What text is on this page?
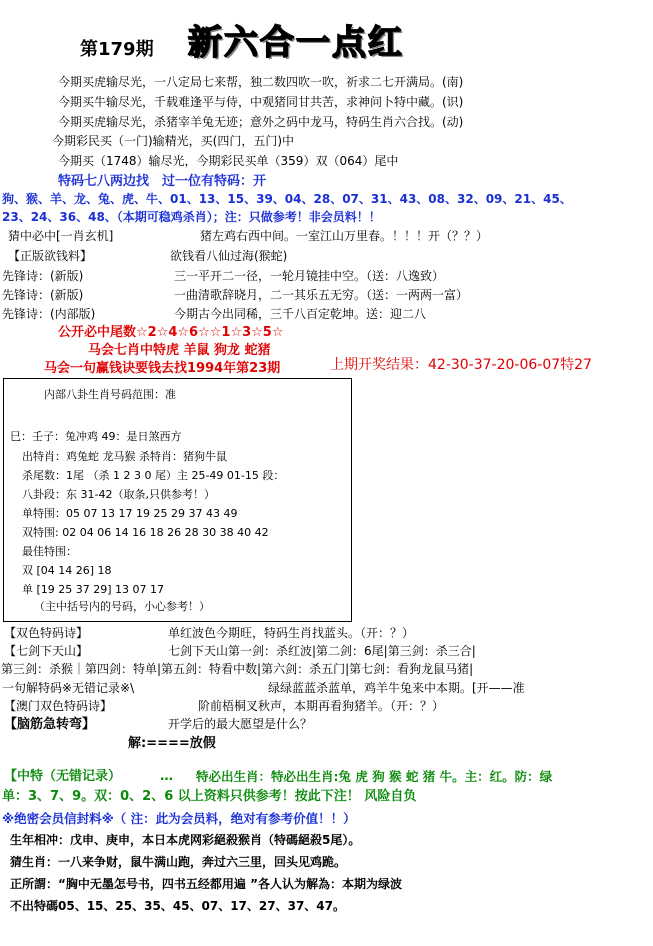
第179期 新六合一点红
今期买虎输尽光，一八定局七来帮，独二数四吹一吹，祈求二七开满局。(南)
今期买牛输尽光，千载难逢平与侍，中观猪同甘共苦，求神问卜特中藏。(识)
今期买虎输尽光，杀猪宰羊兔无迹；意外之码中龙马，特码生肖六合找。(动)
今期彩民买（一门)输精光，买(四门，五门)中
今期买（1748）输尽光，今期彩民买单（359）双（064）尾中
特码七八两边找　过一位有特码：开
狗、猴、羊、龙、兔、虎、牛、01、13、15、39、04、28、07、31、43、08、32、09、21、45、
23、24、36、48、（本期可稳鸡杀肖）；注：只做参考！非会员料！！
猜中必中[一肖玄机]	猪左鸡右西中间。一室江山万里春。！！！开（？？）
【正版欲钱料】	欲钱看八仙过海(猴蛇)
先锋诗：(新版)	三一平开二一径，一轮月镜挂中空。（送：八逸致）
先锋诗：(新版)	一曲清歌辞晓月，二一其乐五无穷。（送：一两两一富）
先锋诗：(内部版)	今期古今出同稀，三千八百定乾坤。送：迎二八
公开必中尾数☆2☆4☆6☆☆1☆3☆5☆
马会七肖中特虎 羊鼠 狗龙 蛇猪
马会一句赢钱诀要钱去找1994年第23期	上期开奖结果：42-30-37-20-06-07特27
内部八卦生肖号码范围：准
巳：壬子：兔冲鸡 49：是日煞西方
出特肖：鸡兔蛇 龙马猴 杀特肖：猪狗牛鼠
杀尾数：1尾 （杀 1 2 3 0 尾）主 25-49 01-15 段：
八卦段：东 31-42（取条,只供参考！）
单特围：05 07 13 17 19 25 29 37 43 49
双特围: 02 04 06 14 16 18 26 28 30 38 40 42
最佳特围：
双 [04 14 26] 18
单 [19 25 37 29] 13 07 17
（主中括号内的号码，小心参考！）
【双色特码诗】	单红波色今期旺，特码生肖找蓝头。（开：？）
【七剑下天山】	七剑下天山第一剑：杀红波|第二剑：6尾|第三剑：杀三合|
第三剑：杀猴｜第四剑：特单|第五剑：特看中数|第六剑：杀五门|第七剑：看狗龙鼠马猪|
一句解特码※无错记录※\	绿绿蓝蓝杀蓝单，鸡羊牛兔来中本期。[开——准
【澳门双色特码诗】	阶前梧桐叉秋声，本期再看狗猪羊。（开：？）
【脑筋急转弯】	开学后的最大愿望是什么？
解:====放假
【中特（无错记录）	… 特必出生肖：特必出生肖:兔 虎 狗 猴 蛇 猪 牛。主：红。防：绿
单：3、7、9。双：0、2、6 以上资料只供参考！按此下注！ 风险自负
※绝密会员信封料※（ 注：此为会员料，绝对有参考价值！！）
生年相冲：戊申、庚申，本日本虎网彩絕殺猴肖（特碼絕殺5尾）。
猜生肖：一八来争财，鼠牛满山跑，奔过六三里，回头见鸡跪。
正所謂：“胸中无墨怎号书，四书五经都用遍 ”各人认为解為：本期为绿波
不出特碼05、15、25、35、45、07、17、27、37、47。
